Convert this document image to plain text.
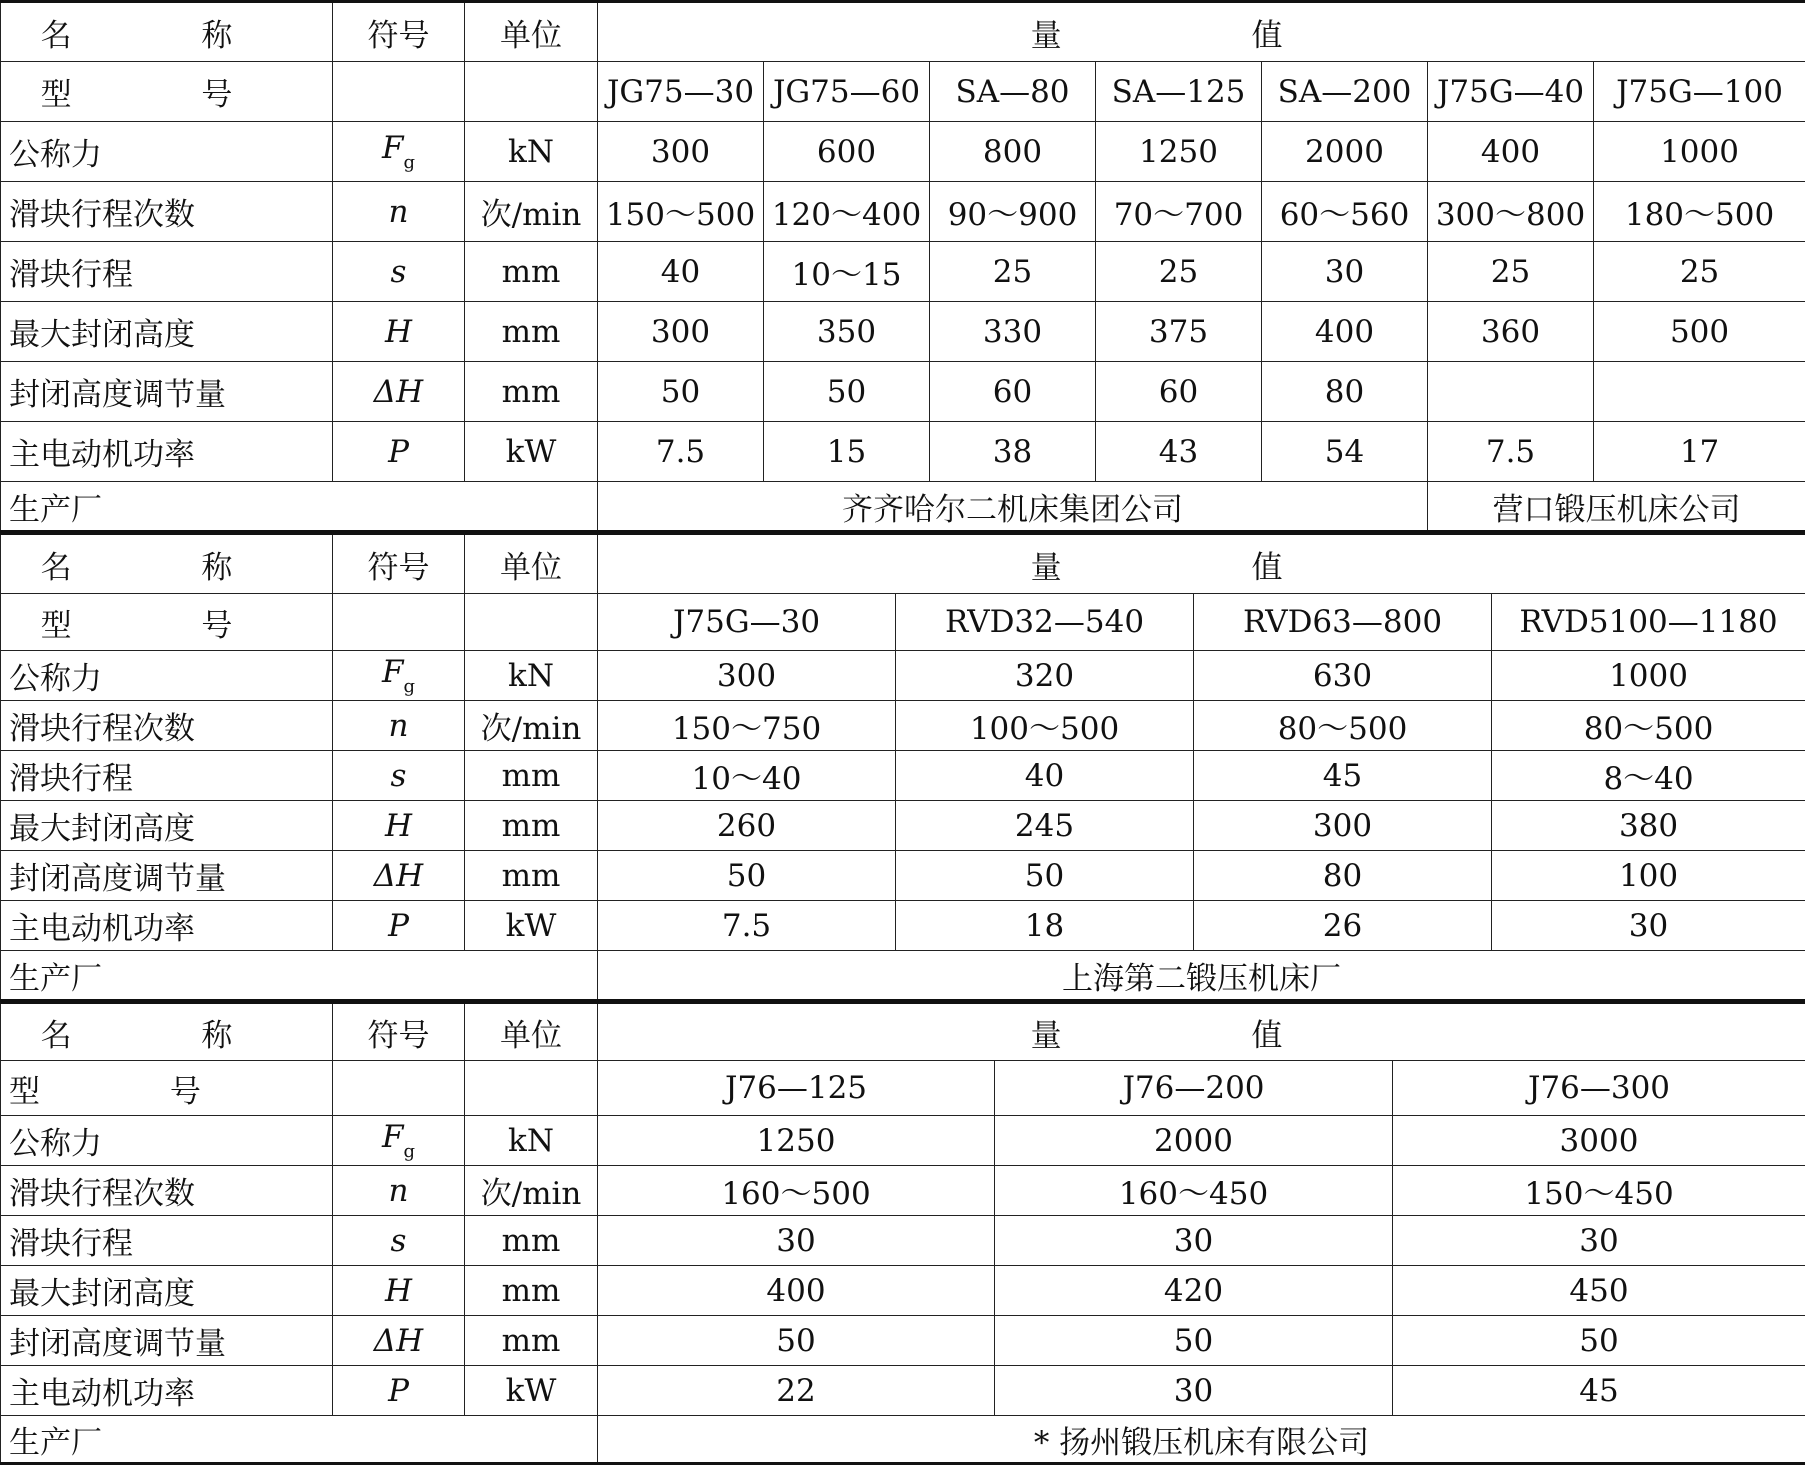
名 称	符号	单位	量 值						
型 号			JG75—30	JG75—60	SA—80	SA—125	SA—200	J75G—40	J75G—100
公称力	$F_g$	kN	300	600	800	1250	2000	400	1000
滑块行程次数	n	次/min	150～500	120～400	90～900	70～700	60～560	300～800	180～500
滑块行程	s	mm	40	10～15	25	25	30	25	25
最大封闭高度	H	mm	300	350	330	375	400	360	500
封闭高度调节量	ΔH	mm	50	50	60	60	80		
主电动机功率	P	kW	7.5	15	38	43	54	7.5	17
生产厂			齐齐哈尔二机床集团公司					营口锻压机床公司	
名 称	符号	单位	量 值			
型 号			J75G—30	RVD32—540	RVD63—800	RVD5100—1180
公称力	$F_g$	kN	300	320	630	1000
滑块行程次数	n	次/min	150～750	100～500	80～500	80～500
滑块行程	s	mm	10～40	40	45	8～40
最大封闭高度	H	mm	260	245	300	380
封闭高度调节量	ΔH	mm	50	50	80	100
主电动机功率	P	kW	7.5	18	26	30
生产厂			上海第二锻压机床厂			
名 称	符号	单位	量 值		
型 号			J76—125	J76—200	J76—300
公称力	$F_g$	kN	1250	2000	3000
滑块行程次数	n	次/min	160～500	160～450	150～450
滑块行程	s	mm	30	30	30
最大封闭高度	H	mm	400	420	450
封闭高度调节量	ΔH	mm	50	50	50
主电动机功率	P	kW	22	30	45
生产厂			* 扬州锻压机床有限公司		
